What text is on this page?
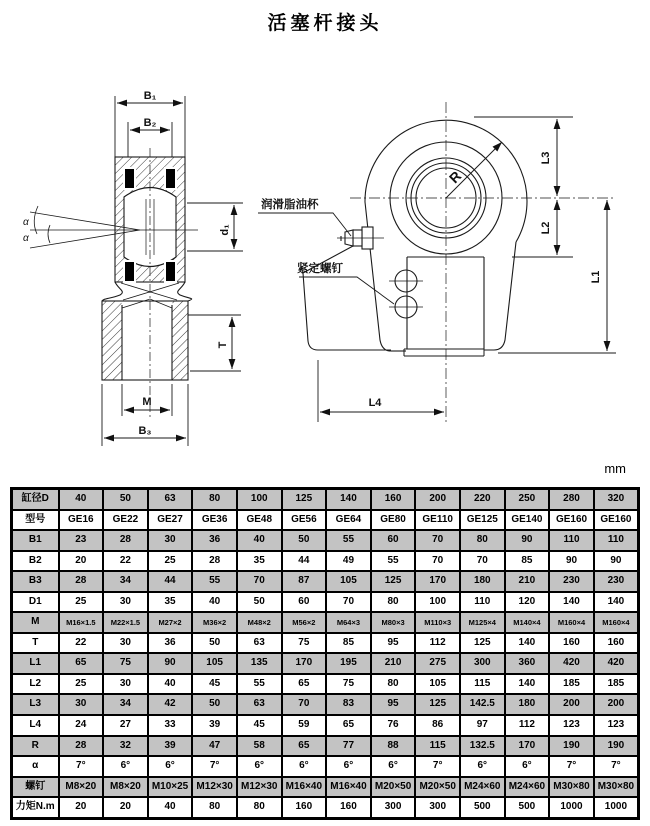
活塞杆接头
B₁
B₂
d₁
T
M
B₃
α
α
R
L3
L2
L1
L4
润滑脂油杯
紧定螺钉
mm
缸径D	40	50	63	80	100	125	140	160	200	220	250	280	320
型号	GE16	GE22	GE27	GE36	GE48	GE56	GE64	GE80	GE110	GE125	GE140	GE160	GE160
B1	23	28	30	36	40	50	55	60	70	80	90	110	110
B2	20	22	25	28	35	44	49	55	70	70	85	90	90
B3	28	34	44	55	70	87	105	125	170	180	210	230	230
D1	25	30	35	40	50	60	70	80	100	110	120	140	140
M	M16×1.5	M22×1.5	M27×2	M36×2	M48×2	M56×2	M64×3	M80×3	M110×3	M125×4	M140×4	M160×4	M160×4
T	22	30	36	50	63	75	85	95	112	125	140	160	160
L1	65	75	90	105	135	170	195	210	275	300	360	420	420
L2	25	30	40	45	55	65	75	80	105	115	140	185	185
L3	30	34	42	50	63	70	83	95	125	142.5	180	200	200
L4	24	27	33	39	45	59	65	76	86	97	112	123	123
R	28	32	39	47	58	65	77	88	115	132.5	170	190	190
α	7°	6°	6°	7°	6°	6°	6°	6°	7°	6°	6°	7°	7°
螺钉	M8×20	M8×20	M10×25	M12×30	M12×30	M16×40	M16×40	M20×50	M20×50	M24×60	M24×60	M30×80	M30×80
力矩N.m	20	20	40	80	80	160	160	300	300	500	500	1000	1000
